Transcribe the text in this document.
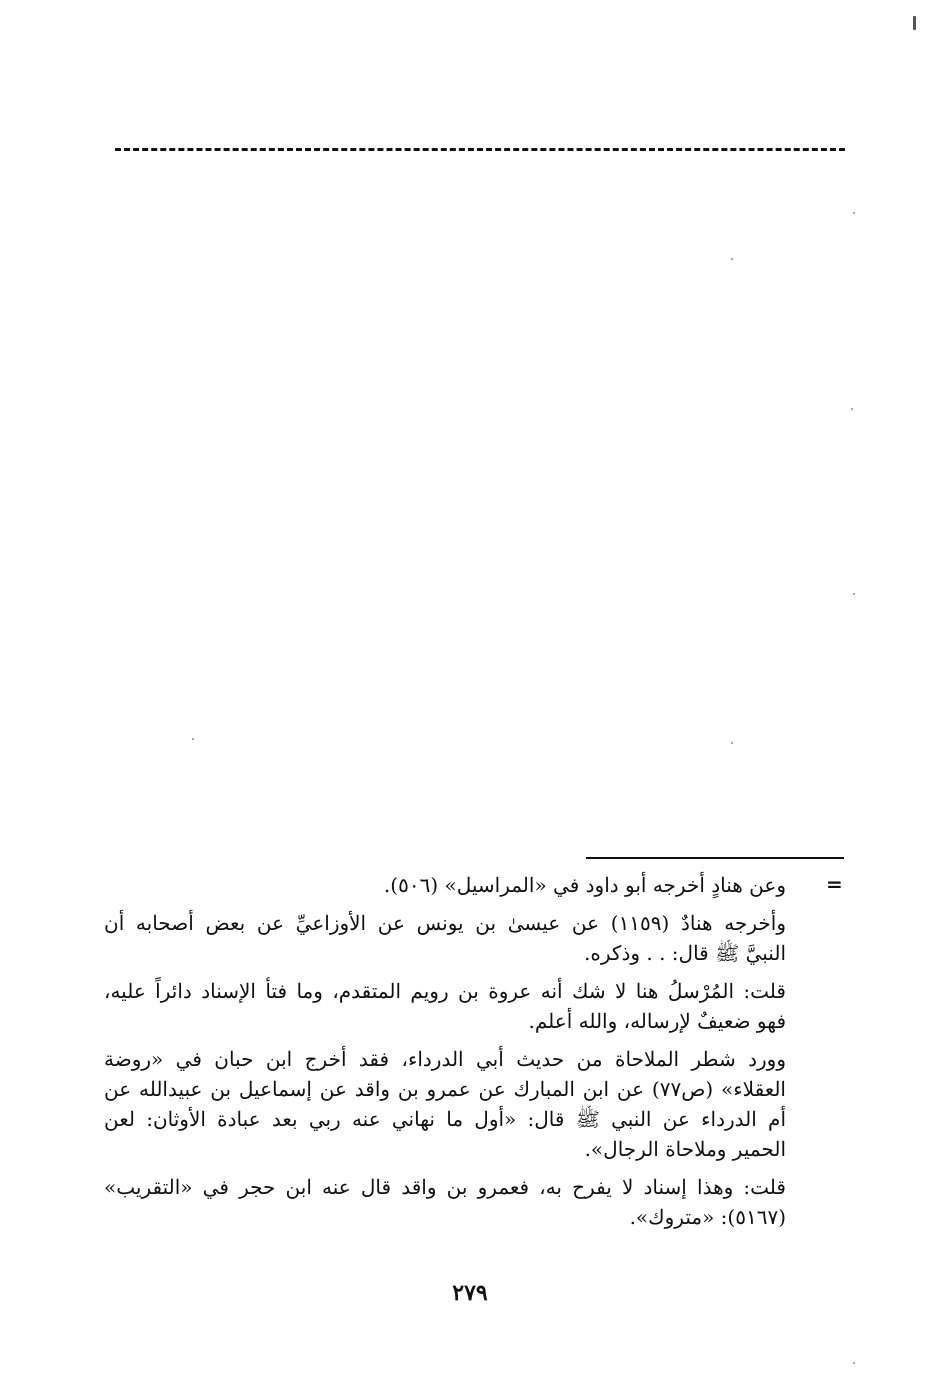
=
وعن هنادٍ أخرجه أبو داود في «المراسيل» (٥٠٦).
وأخرجه هنادٌ (١١٥٩) عن عيسىٰ بن يونس عن الأوزاعيِّ عن بعض أصحابه أن
النبيَّ ﷺ قال: . . وذكره.
قلت: المُرْسلُ هنا لا شك أنه عروة بن رويم المتقدم، وما فتأ الإسناد دائراً عليه،
فهو ضعيفٌ لإرساله، والله أعلم.
وورد شطر الملاحاة من حديث أبي الدرداء، فقد أخرج ابن حبان في «روضة
العقلاء» (ص٧٧) عن ابن المبارك عن عمرو بن واقد عن إسماعيل بن عبيدالله عن
أم الدرداء عن النبي ﷺ قال: «أول ما نهاني عنه ربي بعد عبادة الأوثان: لعن
الحمير وملاحاة الرجال».
قلت: وهذا إسناد لا يفرح به، فعمرو بن واقد قال عنه ابن حجر في «التقريب»
(٥١٦٧): «متروك».
٢٧٩
